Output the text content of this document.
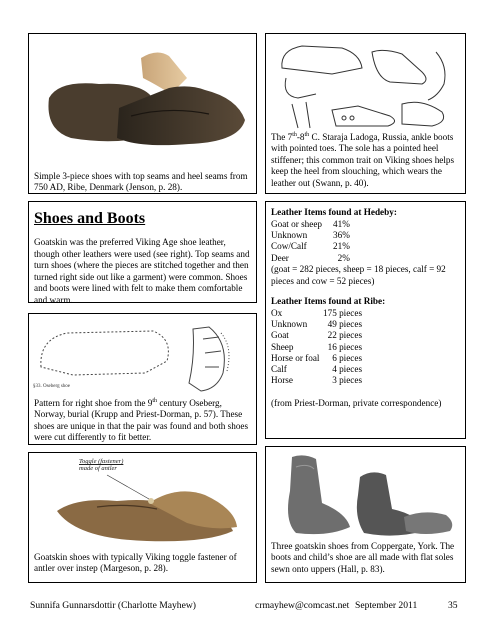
Simple 3-piece shoes with top seams and heel seams from 750 AD, Ribe, Denmark (Jenson, p. 28).
The 7th-8th C. Staraja Ladoga, Russia, ankle boots with pointed toes. The sole has a pointed heel stiffener; this common trait on Viking shoes helps keep the heel from slouching, which wears the leather out (Swann, p. 40).
Shoes and Boots
Goatskin was the preferred Viking Age shoe leather, though other leathers were used (see right). Top seams and turn shoes (where the pieces are stitched together and then turned right side out like a garment) were common. Shoes and boots were lined with felt to make them comfortable and warm.
Leather Items found at Hedeby:
Goat or sheep	41%
Unknown	36%
Cow/Calf	21%
Deer	2%
(goat = 282 pieces, sheep = 18 pieces, calf = 92 pieces and cow = 52 pieces)
Leather Items found at Ribe:
Ox	175 pieces
Unknown	49 pieces
Goat	22 pieces
Sheep	16 pieces
Horse or foal	6 pieces
Calf	4 pieces
Horse	3 pieces
(from Priest-Dorman, private correspondence)
§33. Oseberg shoe
Pattern for right shoe from the 9th century Oseberg, Norway, burial (Krupp and Priest-Dorman, p. 57). These shoes are unique in that the pair was found and both shoes were cut differently to fit better.
Toggle (fastener)
made of antler
Goatskin shoes with typically Viking toggle fastener of antler over instep (Margeson, p. 28).
Three goatskin shoes from Coppergate, York. The boots and child’s shoe are all made with flat soles sewn onto uppers (Hall, p. 83).
Sunnifa Gunnarsdottir (Charlotte Mayhew)	crmayhew@comcast.net September 2011	35
